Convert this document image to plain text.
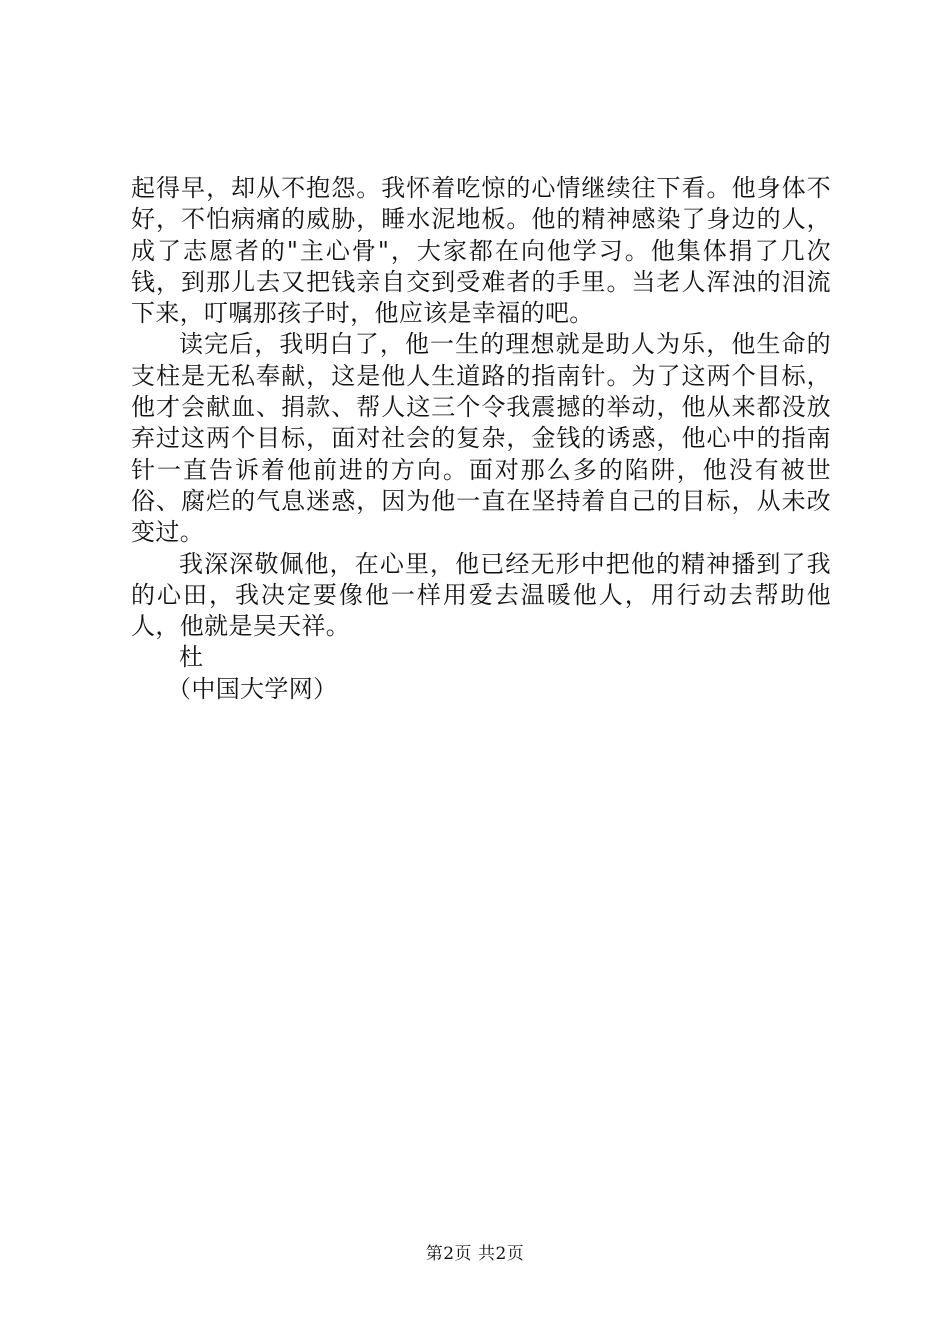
起得早，却从不抱怨。我怀着吃惊的心情继续往下看。他身体不好，不怕病痛的威胁，睡水泥地板。他的精神感染了身边的人，成了志愿者的"主心骨"，大家都在向他学习。他集体捐了几次钱，到那儿去又把钱亲自交到受难者的手里。当老人浑浊的泪流下来，叮嘱那孩子时，他应该是幸福的吧。

读完后，我明白了，他一生的理想就是助人为乐，他生命的支柱是无私奉献，这是他人生道路的指南针。为了这两个目标，他才会献血、捐款、帮人这三个令我震撼的举动，他从来都没放弃过这两个目标，面对社会的复杂，金钱的诱惑，他心中的指南针一直告诉着他前进的方向。面对那么多的陷阱，他没有被世俗、腐烂的气息迷惑，因为他一直在坚持着自己的目标，从未改变过。

我深深敬佩他，在心里，他已经无形中把他的精神播到了我的心田，我决定要像他一样用爱去温暖他人，用行动去帮助他人，他就是吴天祥。

杜

（中国大学网）

第2页 共2页
